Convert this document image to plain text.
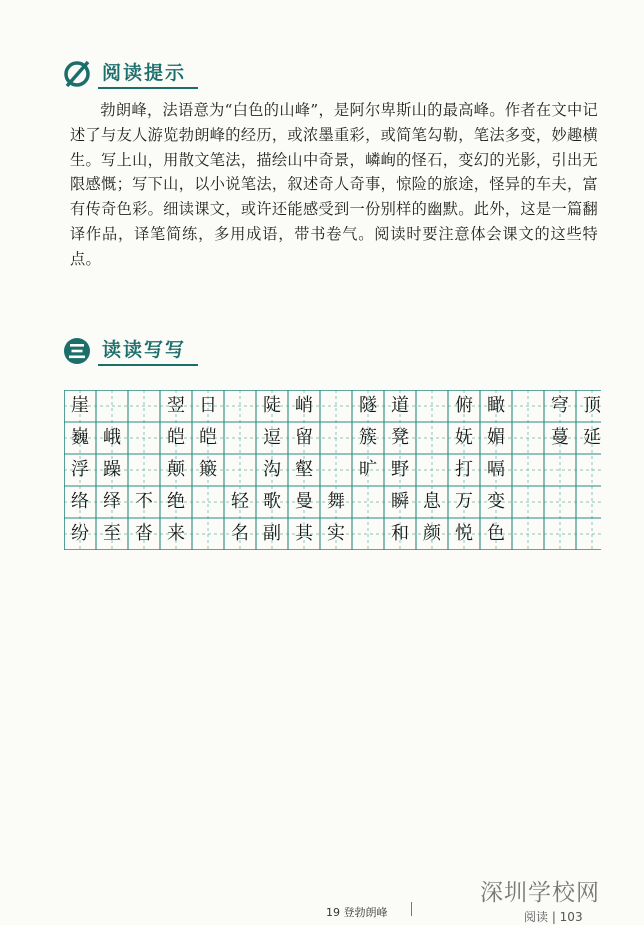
阅读提示

勃朗峰，法语意为“白色的山峰”，是阿尔卑斯山的最高峰。作者在文中记述了与友人游览勃朗峰的经历，或浓墨重彩，或简笔勾勒，笔法多变，妙趣横生。写上山，用散文笔法，描绘山中奇景，嶙峋的怪石，变幻的光影，引出无限感慨；写下山，以小说笔法，叙述奇人奇事，惊险的旅途，怪异的车夫，富有传奇色彩。细读课文，或许还能感受到一份别样的幽默。此外，这是一篇翻译作品，译笔简练，多用成语，带书卷气。阅读时要注意体会课文的这些特点。

读读写写
崖	翌 日	陡 峭	隧 道	俯 瞰	穹 顶
巍 峨	皑 皑	逗 留	簇 凳	妩 媚	蔓 延
浮 躁	颠 簸	沟 壑	旷 野	打 嗝
络 绎 不 绝	轻 歌 曼 舞	瞬 息 万 变
纷 至 沓 来	名 副 其 实	和 颜 悦 色
19 登勃朗峰	阅读 | 103
深圳学校网
